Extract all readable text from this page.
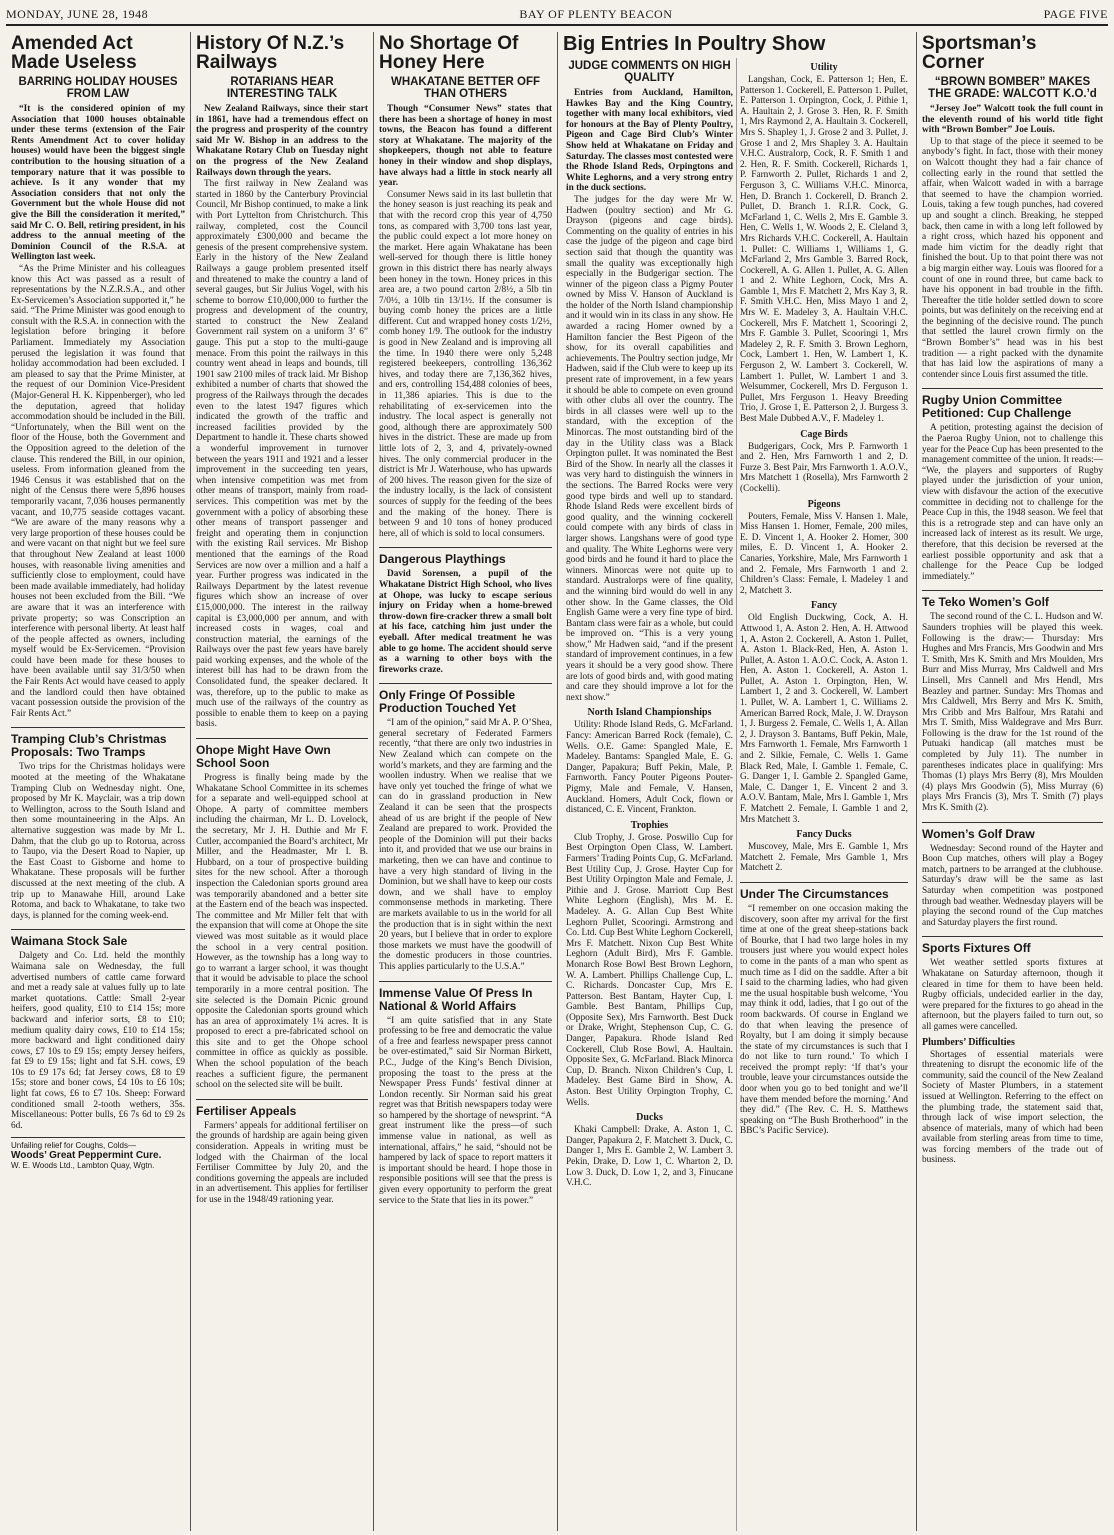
MONDAY, JUNE 28, 1948	BAY OF PLENTY BEACON	PAGE FIVE
Amended Act Made Useless
BARRING HOLIDAY HOUSES FROM LAW

“It is the considered opinion of my Association that 1000 houses obtainable under these terms (extension of the Fair Rents Amendment Act to cover holiday houses) would have been the biggest single contribution to the housing situation of a temporary nature that it was possible to achieve. Is it any wonder that my Association considers that not only the Government but the whole House did not give the Bill the consideration it merited,” said Mr C. O. Bell, retiring president, in his address to the annual meeting of the Dominion Council of the R.S.A. at Wellington last week.

“As the Prime Minister and his colleagues know this Act was passed as a result of representations by the N.Z.R.S.A., and other Ex-Servicemen’s Association supported it,” he said. “The Prime Minister was good enough to consult with the R.S.A. in connection with the legislation before bringing it before Parliament. Immediately my Association perused the legislation it was found that holiday accommodation had been excluded. I am pleased to say that the Prime Minister, at the request of our Dominion Vice-President (Major-General H. K. Kippenberger), who led the deputation, agreed that holiday accommodation should be included in the Bill. “Unfortunately, when the Bill went on the floor of the House, both the Government and the Opposition agreed to the deletion of the clause. This rendered the Bill, in our opinion, useless. From information gleaned from the 1946 Census it was established that on the night of the Census there were 5,896 houses temporarily vacant, 7,036 houses permanently vacant, and 10,775 seaside cottages vacant. “We are aware of the many reasons why a very large proportion of these houses could be and were vacant on that night but we feel sure that throughout New Zealand at least 1000 houses, with reasonable living amenities and sufficiently close to employment, could have been made available immediately, had holiday houses not been excluded from the Bill. “We are aware that it was an interference with private property; so was Conscription an interference with personal liberty. At least half of the people affected as owners, including myself would be Ex-Servicemen. “Provision could have been made for these houses to have been available until say 31/3/50 when the Fair Rents Act would have ceased to apply and the landlord could then have obtained vacant possession outside the provision of the Fair Rents Act.”

Tramping Club’s Christmas Proposals: Two Tramps

Two trips for the Christmas holidays were mooted at the meeting of the Whakatane Tramping Club on Wednesday night. One, proposed by Mr K. Mayclair, was a trip down to Wellington, across to the South Island and then some mountaineering in the Alps. An alternative suggestion was made by Mr L. Dahm, that the club go up to Rotorua, across to Taupo, via the Desert Road to Napier, up the East Coast to Gisborne and home to Whakatane. These proposals will be further discussed at the next meeting of the club. A trip up to Manawahe Hill, around Lake Rotoma, and back to Whakatane, to take two days, is planned for the coming week-end.

Waimana Stock Sale

Dalgety and Co. Ltd. held the monthly Waimana sale on Wednesday, the full advertised numbers of cattle came forward and met a ready sale at values fully up to late market quotations. Cattle: Small 2-year heifers, good quality, £10 to £14 15s; more backward and inferior sorts, £8 to £10; medium quality dairy cows, £10 to £14 15s; more backward and light conditioned dairy cows, £7 10s to £9 15s; empty Jersey heifers, fat £9 to £9 15s; light and fat S.H. cows, £9 10s to £9 17s 6d; fat Jersey cows, £8 to £9 15s; store and boner cows, £4 10s to £6 10s; light fat cows, £6 to £7 10s. Sheep: Forward conditioned small 2-tooth wethers, 35s. Miscellaneous: Potter bulls, £6 7s 6d to £9 2s 6d.

Unfailing relief for Coughs, Colds—
Woods’ Great Peppermint Cure.
W. E. Woods Ltd., Lambton Quay, Wgtn.
History Of N.Z.’s Railways
ROTARIANS HEAR INTERESTING TALK

New Zealand Railways, since their start in 1861, have had a tremendous effect on the progress and prosperity of the country said Mr W. Bishop in an address to the Whakatane Rotary Club on Tuesday night on the progress of the New Zealand Railways down through the years.

The first railway in New Zealand was started in 1860 by the Canterbury Provincial Council, Mr Bishop continued, to make a link with Port Lyttelton from Christchurch. This railway, completed, cost the Council approximately £300,000 and became the genesis of the present comprehensive system. Early in the history of the New Zealand Railways a gauge problem presented itself and threatened to make the country a land of several gauges, but Sir Julius Vogel, with his scheme to borrow £10,000,000 to further the progress and development of the country, started to construct the New Zealand Government rail system on a uniform 3’ 6” gauge. This put a stop to the multi-gauge menace. From this point the railways in this country went ahead in leaps and bounds, till 1901 saw 2100 miles of track laid. Mr Bishop exhibited a number of charts that showed the progress of the Railways through the decades even to the latest 1947 figures which indicated the growth of the traffic and increased facilities provided by the Department to handle it. These charts showed a wonderful improvement in turnover between the years 1911 and 1921 and a lesser improvement in the succeeding ten years, when intensive competition was met from other means of transport, mainly from road-services. This competition was met by the government with a policy of absorbing these other means of transport passenger and freight and operating them in conjunction with the existing Rail services. Mr Bishop mentioned that the earnings of the Road Services are now over a million and a half a year. Further progress was indicated in the Railways Department by the latest revenue figures which show an increase of over £15,000,000. The interest in the railway capital is £3,000,000 per annum, and with increased costs in wages, coal and construction material, the earnings of the Railways over the past few years have barely paid working expenses, and the whole of the interest bill has had to be drawn from the Consolidated fund, the speaker declared. It was, therefore, up to the public to make as much use of the railways of the country as possible to enable them to keep on a paying basis.

Ohope Might Have Own School Soon

Progress is finally being made by the Whakatane School Committee in its schemes for a separate and well-equipped school at Ohope. A party of committee members including the chairman, Mr L. D. Lovelock, the secretary, Mr J. H. Duthie and Mr F. Cutler, accompanied the Board’s architect, Mr Miller, and the Headmaster, Mr I. B. Hubbard, on a tour of prospective building sites for the new school. After a thorough inspection the Caledonian sports ground area was temporarily abandoned and a better site at the Eastern end of the beach was inspected. The committee and Mr Miller felt that with the expansion that will come at Ohope the site viewed was most suitable as it would place the school in a very central position. However, as the township has a long way to go to warrant a larger school, it was thought that it would be advisable to place the school temporarily in a more central position. The site selected is the Domain Picnic ground opposite the Caledonian sports ground which has an area of approximately 1¼ acres. It is proposed to erect a pre-fabricated school on this site and to get the Ohope school committee in office as quickly as possible. When the school population of the beach reaches a sufficient figure, the permanent school on the selected site will be built.

Fertiliser Appeals

Farmers’ appeals for additional fertiliser on the grounds of hardship are again being given consideration. Appeals in writing must be lodged with the Chairman of the local Fertiliser Committee by July 20, and the conditions governing the appeals are included in an advertisement. This applies for fertiliser for use in the 1948/49 rationing year.

No Shortage Of Honey Here
WHAKATANE BETTER OFF THAN OTHERS

Though “Consumer News” states that there has been a shortage of honey in most towns, the Beacon has found a different story at Whakatane. The majority of the shopkeepers, though not able to feature honey in their window and shop displays, have always had a little in stock nearly all year.

Consumer News said in its last bulletin that the honey season is just reaching its peak and that with the record crop this year of 4,750 tons, as compared with 3,700 tons last year, the public could expect a lot more honey on the market. Here again Whakatane has been well-served for though there is little honey grown in this district there has nearly always been honey in the town. Honey prices in this area are, a two pound carton 2/8½, a 5lb tin 7/0½, a 10lb tin 13/1½. If the consumer is buying comb honey the prices are a little different. Cut and wrapped honey costs 1/2½, comb honey 1/9. The outlook for the industry is good in New Zealand and is improving all the time. In 1940 there were only 5,248 registered beekeepers, controlling 136,362 hives, and today there are 7,136,362 hives, and ers, controlling 154,488 colonies of bees, in 11,386 apiaries. This is due to the rehabilitating of ex-servicemen into the industry. The local aspect is generally not good, although there are approximately 500 hives in the district. These are made up from little lots of 2, 3, and 4, privately-owned hives. The only commercial producer in the district is Mr J. Waterhouse, who has upwards of 200 hives. The reason given for the size of the industry locally, is the lack of consistent sources of supply for the feeding of the bees and the making of the honey. There is between 9 and 10 tons of honey produced here, all of which is sold to local consumers.

Dangerous Playthings

David Sorensen, a pupil of the Whakatane District High School, who lives at Ohope, was lucky to escape serious injury on Friday when a home-brewed throw-down fire-cracker threw a small bolt at his face, catching him just under the eyeball. After medical treatment he was able to go home. The accident should serve as a warning to other boys with the fireworks craze.

Only Fringe Of Possible Production Touched Yet

“I am of the opinion,” said Mr A. P. O’Shea, general secretary of Federated Farmers recently, “that there are only two industries in New Zealand which can compete on the world’s markets, and they are farming and the woollen industry. When we realise that we have only yet touched the fringe of what we can do in grassland production in New Zealand it can be seen that the prospects ahead of us are bright if the people of New Zealand are prepared to work. Provided the people of the Dominion will put their backs into it, and provided that we use our brains in marketing, then we can have and continue to have a very high standard of living in the Dominion, but we shall have to keep our costs down, and we shall have to employ commonsense methods in marketing. There are markets available to us in the world for all the production that is in sight within the next 20 years, but I believe that in order to explore those markets we must have the goodwill of the domestic producers in those countries. This applies particularly to the U.S.A.”

Immense Value Of Press In National & World Affairs

“I am quite satisfied that in any State professing to be free and democratic the value of a free and fearless newspaper press cannot be over-estimated,” said Sir Norman Birkett, P.C., Judge of the King’s Bench Division, proposing the toast to the press at the Newspaper Press Funds’ festival dinner at London recently. Sir Norman said his great regret was that British newspapers today were so hampered by the shortage of newsprint. “A great instrument like the press—of such immense value in national, as well as international, affairs,” he said, “should not be hampered by lack of space to report matters it is important should be heard. I hope those in responsible positions will see that the press is given every opportunity to perform the great service to the State that lies in its power.”

Big Entries In Poultry Show
JUDGE COMMENTS ON HIGH QUALITY

Entries from Auckland, Hamilton, Hawkes Bay and the King Country, together with many local exhibitors, vied for honours at the Bay of Plenty Poultry, Pigeon and Cage Bird Club’s Winter Show held at Whakatane on Friday and Saturday. The classes most contested were the Rhode Island Reds, Orpingtons and White Leghorns, and a very strong entry in the duck sections.

The judges for the day were Mr W. Hadwen (poultry section) and Mr G. Drayson (pigeons and cage birds). Commenting on the quality of entries in his case the judge of the pigeon and cage bird section said that though the quantity was small the quality was exceptionally high especially in the Budgerigar section. The winner of the pigeon class a Pigmy Pouter owned by Miss V. Hanson of Auckland is the holder of the North Island championship and it would win in its class in any show. He awarded a racing Homer owned by a Hamilton fancier the Best Pigeon of the show, for its overall capabilities and achievements. The Poultry section judge, Mr Hadwen, said if the Club were to keep up its present rate of improvement, in a few years it should be able to compete on even ground with other clubs all over the country. The birds in all classes were well up to the standard, with the exception of the Minorcas. The most outstanding bird of the day in the Utility class was a Black Orpington pullet. It was nominated the Best Bird of the Show. In nearly all the classes it was very hard to distinguish the winners in the sections. The Barred Rocks were very good type birds and well up to standard. Rhode Island Reds were excellent birds of good quality, and the winning cockerell could compete with any birds of class in larger shows. Langshans were of good type and quality. The White Leghorns were very good birds and he found it hard to place the winners. Minorcas were not quite up to standard. Australorps were of fine quality, and the winning bird would do well in any other show. In the Game classes, the Old English Game were a very fine type of bird. Bantam class were fair as a whole, but could be improved on. “This is a very young show,” Mr Hadwen said, “and if the present standard of improvement continues, in a few years it should be a very good show. There are lots of good birds and, with good mating and care they should improve a lot for the next show.”

North Island Championships

Utility: Rhode Island Reds, G. McFarland. Fancy: American Barred Rock (female), C. Wells. O.E. Game: Spangled Male, E. Madeley. Bantams: Spangled Male, E. G. Danger, Papakura; Buff Pekin, Male, P. Farnworth. Fancy Pouter Pigeons Pouter-Pigmy, Male and Female, V. Hansen, Auckland. Homers, Adult Cock, flown or distanced, C. E. Vincent, Frankton.

Trophies

Club Trophy, J. Grose. Poswillo Cup for Best Orpington Open Class, W. Lambert. Farmers’ Trading Points Cup, G. McFarland. Best Utility Cup, J. Grose. Hayter Cup for Best Utility Orpington Male and Female, J. Pithie and J. Grose. Marriott Cup Best White Leghorn (English), Mrs M. E. Madeley. A. G. Allan Cup Best White Leghorn Pullet, Scooringi. Armstrong and Co. Ltd. Cup Best White Leghorn Cockerell, Mrs F. Matchett. Nixon Cup Best White Leghorn (Adult Bird), Mrs F. Gamble. Monarch Rose Bowl Best Brown Leghorn, W. A. Lambert. Phillips Challenge Cup, L. C. Richards. Doncaster Cup, Mrs E. Patterson. Best Bantam, Hayter Cup, I. Gamble. Best Bantam, Phillips Cup, (Opposite Sex), Mrs Farnworth. Best Duck or Drake, Wright, Stephenson Cup, C. G. Danger, Papakura. Rhode Island Red Cockerell, Club Rose Bowl, A. Haultain. Opposite Sex, G. McFarland. Black Minorca Cup, D. Branch. Nixon Children’s Cup, I. Madeley. Best Game Bird in Show, A. Aston. Best Utility Orpington Trophy, C. Wells.

Ducks

Khaki Campbell: Drake, A. Aston 1, C. Danger, Papakura 2, F. Matchett 3. Duck, C. Danger 1, Mrs E. Gamble 2, W. Lambert 3. Pekin, Drake, D. Low 1, C. Wharton 2, D. Low 3. Duck, D. Low 1, 2, and 3, Finucane V.H.C.

Utility

Langshan, Cock, E. Patterson 1; Hen, E. Patterson 1. Cockerell, E. Patterson 1. Pullet, E. Patterson 1. Orpington, Cock, J. Pithie 1, A. Haultain 2, J. Grose 3. Hen, R. F. Smith 1, Mrs Raymond 2, A. Haultain 3. Cockerell, Mrs S. Shapley 1, J. Grose 2 and 3. Pullet, J. Grose 1 and 2, Mrs Shapley 3. A. Haultain V.H.C. Australorp, Cock, R. F. Smith 1 and 2. Hen, R. F. Smith. Cockerell, Richards 1, P. Farnworth 2. Pullet, Richards 1 and 2, Ferguson 3, C. Williams V.H.C. Minorca, Hen, D. Branch 1. Cockerell, D. Branch 2. Pullet, D. Branch 1. R.I.R. Cock, G. McFarland 1, C. Wells 2, Mrs E. Gamble 3. Hen, C. Wells 1, W. Woods 2, E. Cleland 3, Mrs Richards V.H.C. Cockerell, A. Haultain 1. Pullet: C. Williams 1, Williams 1, G. McFarland 2, Mrs Gamble 3. Barred Rock, Cockerell, A. G. Allen 1. Pullet, A. G. Allen 1 and 2. White Leghorn, Cock, Mrs A. Gamble 1, Mrs F. Matchett 2, Mrs Kay 3, R. F. Smith V.H.C. Hen, Miss Mayo 1 and 2, Mrs W. E. Madeley 3, A. Haultain V.H.C. Cockerell, Mrs F. Matchett 1, Scooringi 2, Mrs F. Gamble 3. Pullet, Scooringi 1, Mrs Madeley 2, R. F. Smith 3. Brown Leghorn, Cock, Lambert 1. Hen, W. Lambert 1, K. Ferguson 2, W. Lambert 3. Cockerell, W. Lambert 1. Pullet, W. Lambert 1 and 3. Welsummer, Cockerell, Mrs D. Ferguson 1. Pullet, Mrs Ferguson 1. Heavy Breeding Trio, J. Grose 1, E. Patterson 2, J. Burgess 3. Best Male Dubbed A.V., F. Madeley 1.

Cage Birds

Budgerigars, Cock, Mrs P. Farnworth 1 and 2. Hen, Mrs Farnworth 1 and 2, D. Furze 3. Best Pair, Mrs Farnworth 1. A.O.V., Mrs Matchett 1 (Rosella), Mrs Farnworth 2 (Cockelli).

Pigeons

Pouters, Female, Miss V. Hansen 1. Male, Miss Hansen 1. Homer, Female, 200 miles, E. D. Vincent 1, A. Hooker 2. Homer, 300 miles, E. D. Vincent 1, A. Hooker 2. Canaries, Yorkshire, Male, Mrs Farnworth 1 and 2. Female, Mrs Farnworth 1 and 2. Children’s Class: Female, I. Madeley 1 and 2, Matchett 3.

Fancy

Old English Duckwing, Cock, A. H. Attwood 1, A. Aston 2. Hen, A. H. Attwood 1, A. Aston 2. Cockerell, A. Aston 1. Pullet, A. Aston 1. Black-Red, Hen, A. Aston 1. Pullet, A. Aston 1. A.O.C. Cock, A. Aston 1. Hen, A. Aston 1. Cockerell, A. Aston 1. Pullet, A. Aston 1. Orpington, Hen, W. Lambert 1, 2 and 3. Cockerell, W. Lambert 1. Pullet, W. A. Lambert 1, C. Williams 2. American Barred Rock, Male, J. W. Drayson 1, J. Burgess 2. Female, C. Wells 1, A. Allan 2, J. Drayson 3. Bantams, Buff Pekin, Male, Mrs Farnworth 1. Female, Mrs Farnworth 1 and 2. Silkie, Female, C. Wells 1. Game Black Red, Male, I. Gamble 1. Female, C. G. Danger 1, I. Gamble 2. Spangled Game, Male, C. Danger 1, E. Vincent 2 and 3. A.O.V. Bantam, Male, Mrs I. Gamble 1, Mrs F. Matchett 2. Female, I. Gamble 1 and 2, Mrs Matchett 3.

Fancy Ducks

Muscovey, Male, Mrs E. Gamble 1, Mrs Matchett 2. Female, Mrs Gamble 1, Mrs Matchett 2.

Under The Circumstances

“I remember on one occasion making the discovery, soon after my arrival for the first time at one of the great sheep-stations back of Bourke, that I had two large holes in my trousers just where you would expect holes to come in the pants of a man who spent as much time as I did on the saddle. After a bit I said to the charming ladies, who had given me the usual hospitable bush welcome, ‘You may think it odd, ladies, that I go out of the room backwards. Of course in England we do that when leaving the presence of Royalty, but I am doing it simply because the state of my circumstances is such that I do not like to turn round.’ To which I received the prompt reply: ‘If that’s your trouble, leave your circumstances outside the door when you go to bed tonight and we’ll have them mended before the morning.’ And they did.” (The Rev. C. H. S. Matthews speaking on “The Bush Brotherhood” in the BBC’s Pacific Service).

Sportsman’s Corner
“BROWN BOMBER” MAKES THE GRADE: WALCOTT K.O.’d

“Jersey Joe” Walcott took the full count in the eleventh round of his world title fight with “Brown Bomber” Joe Louis.

Up to that stage of the piece it seemed to be anybody’s fight. In fact, those with their money on Walcott thought they had a fair chance of collecting early in the round that settled the affair, when Walcott waded in with a barrage that seemed to have the champion worried. Louis, taking a few tough punches, had covered up and sought a clinch. Breaking, he stepped back, then came in with a long left followed by a right cross, which hazed his opponent and made him victim for the deadly right that finished the bout. Up to that point there was not a big margin either way. Louis was floored for a count of one in round three, but came back to have his opponent in bad trouble in the fifth. Thereafter the title holder settled down to score points, but was definitely on the receiving end at the beginning of the decisive round. The punch that settled the laurel crown firmly on the “Brown Bomber’s” head was in his best tradition — a right packed with the dynamite that has laid low the aspirations of many a contender since Louis first assumed the title.

Rugby Union Committee Petitioned: Cup Challenge

A petition, protesting against the decision of the Paeroa Rugby Union, not to challenge this year for the Peace Cup has been presented to the management committee of the union. It reads:— “We, the players and supporters of Rugby played under the jurisdiction of your union, view with disfavour the action of the executive committee in deciding not to challenge for the Peace Cup in this, the 1948 season. We feel that this is a retrograde step and can have only an increased lack of interest as its result. We urge, therefore, that this decision be reversed at the earliest possible opportunity and ask that a challenge for the Peace Cup be lodged immediately.”

Te Teko Women’s Golf

The second round of the C. L. Hudson and W. Saunders trophies will be played this week. Following is the draw:— Thursday: Mrs Hughes and Mrs Francis, Mrs Goodwin and Mrs T. Smith, Mrs K. Smith and Mrs Moulden, Mrs Burr and Miss Murray, Mrs Caldwell and Mrs Linsell, Mrs Cannell and Mrs Hendl, Mrs Beazley and partner. Sunday: Mrs Thomas and Mrs Caldwell, Mrs Berry and Mrs K. Smith, Mrs Cribb and Mrs Balfour, Mrs Ratahi and Mrs T. Smith, Miss Waldegrave and Mrs Burr. Following is the draw for the 1st round of the Putuaki handicap (all matches must be completed by July 11). The number in parentheses indicates place in qualifying: Mrs Thomas (1) plays Mrs Berry (8), Mrs Moulden (4) plays Mrs Goodwin (5), Miss Murray (6) plays Mrs Francis (3), Mrs T. Smith (7) plays Mrs K. Smith (2).

Women’s Golf Draw

Wednesday: Second round of the Hayter and Boon Cup matches, others will play a Bogey match, partners to be arranged at the clubhouse. Saturday’s draw will be the same as last Saturday when competition was postponed through bad weather. Wednesday players will be playing the second round of the Cup matches and Saturday players the first round.

Sports Fixtures Off

Wet weather settled sports fixtures at Whakatane on Saturday afternoon, though it cleared in time for them to have been held. Rugby officials, undecided earlier in the day, were prepared for the fixtures to go ahead in the afternoon, but the players failed to turn out, so all games were cancelled.

Plumbers’ Difficulties

Shortages of essential materials were threatening to disrupt the economic life of the community, said the council of the New Zealand Society of Master Plumbers, in a statement issued at Wellington. Referring to the effect on the plumbing trade, the statement said that, through lack of wise import selection, the absence of materials, many of which had been available from sterling areas from time to time, was forcing members of the trade out of business.
